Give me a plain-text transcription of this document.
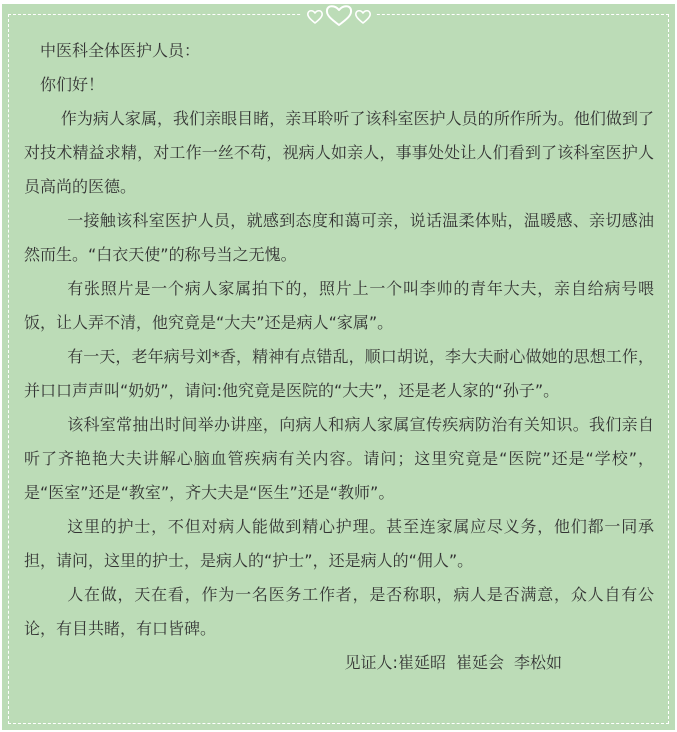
中医科全体医护人员：

你们好！

作为病人家属，我们亲眼目睹，亲耳聆听了该科室医护人员的所作所为。他们做到了对技术精益求精，对工作一丝不苟，视病人如亲人，事事处处让人们看到了该科室医护人员高尚的医德。

一接触该科室医护人员，就感到态度和蔼可亲，说话温柔体贴，温暖感、亲切感油然而生。“白衣天使”的称号当之无愧。

有张照片是一个病人家属拍下的，照片上一个叫李帅的青年大夫，亲自给病号喂饭，让人弄不清，他究竟是“大夫”还是病人“家属”。

有一天，老年病号刘*香，精神有点错乱，顺口胡说，李大夫耐心做她的思想工作，并口口声声叫“奶奶”，请问:他究竟是医院的“大夫”，还是老人家的“孙子”。

该科室常抽出时间举办讲座，向病人和病人家属宣传疾病防治有关知识。我们亲自听了齐艳艳大夫讲解心脑血管疾病有关内容。请问；这里究竟是“医院”还是“学校”，是“医室”还是“教室”，齐大夫是“医生”还是“教师”。

这里的护士，不但对病人能做到精心护理。甚至连家属应尽义务，他们都一同承担，请问，这里的护士，是病人的“护士”，还是病人的“佣人”。

人在做，天在看，作为一名医务工作者，是否称职，病人是否满意，众人自有公论，有目共睹，有口皆碑。

见证人:崔延昭 崔延会 李松如
